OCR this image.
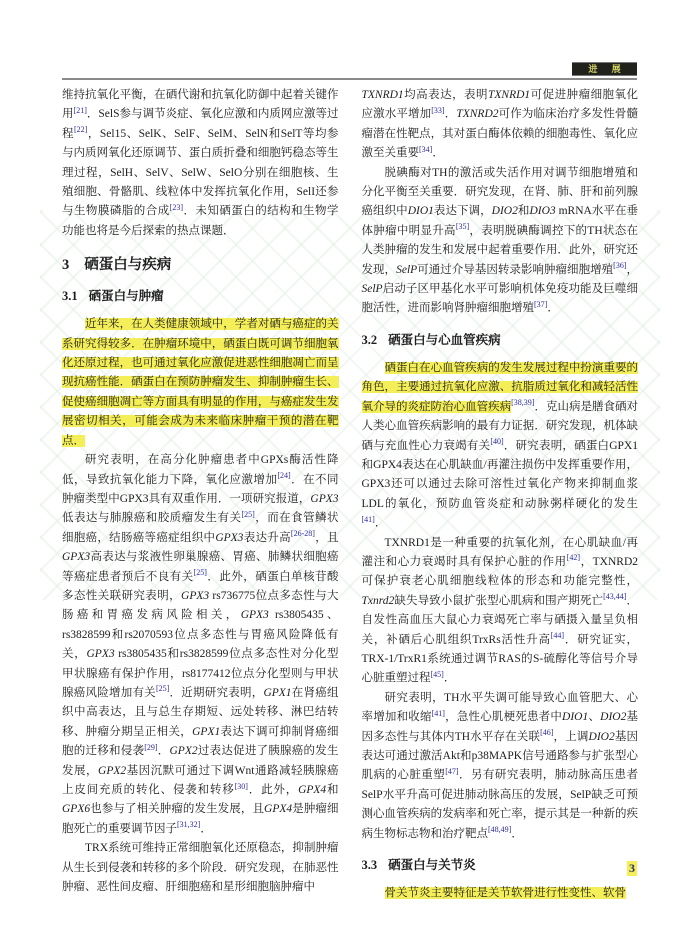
进 展

维持抗氧化平衡，在硒代谢和抗氧化防御中起着关键作用[21]．SelS参与调节炎症、氧化应激和内质网应激等过程[22]，Sel15、SelK、SelF、SelM、SelN和SelT等均参与内质网氧化还原调节、蛋白质折叠和细胞钙稳态等生理过程，SelH、SelV、SelW、SelO分别在细胞核、生殖细胞、骨骼肌、线粒体中发挥抗氧化作用，SelI还参与生物膜磷脂的合成[23]．未知硒蛋白的结构和生物学功能也将是今后探索的热点课题．

3 硒蛋白与疾病
3.1 硒蛋白与肿瘤

近年来，在人类健康领域中，学者对硒与癌症的关系研究得较多．在肿瘤环境中，硒蛋白既可调节细胞氧化还原过程，也可通过氧化应激促进恶性细胞凋亡而呈现抗癌性能．硒蛋白在预防肿瘤发生、抑制肿瘤生长、促使癌细胞凋亡等方面具有明显的作用，与癌症发生发展密切相关，可能会成为未来临床肿瘤干预的潜在靶点．

研究表明，在高分化肿瘤患者中GPXs酶活性降低，导致抗氧化能力下降，氧化应激增加[24]．在不同肿瘤类型中GPX3具有双重作用．一项研究报道，GPX3低表达与肺腺癌和胶质瘤发生有关[25]，而在食管鳞状细胞癌，结肠癌等癌症组织中GPX3表达升高[26-28]，且GPX3高表达与浆液性卵巢腺癌、胃癌、肺鳞状细胞癌等癌症患者预后不良有关[25]．此外，硒蛋白单核苷酸多态性关联研究表明，GPX3 rs736775位点多态性与大肠癌和胃癌发病风险相关，GPX3 rs3805435、rs3828599和rs2070593位点多态性与胃癌风险降低有关，GPX3 rs3805435和rs3828599位点多态性对分化型甲状腺癌有保护作用，rs8177412位点分化型则与甲状腺癌风险增加有关[25]．近期研究表明，GPX1在肾癌组织中高表达，且与总生存期短、远处转移、淋巴结转移、肿瘤分期呈正相关，GPX1表达下调可抑制肾癌细胞的迁移和侵袭[29]．GPX2过表达促进了胰腺癌的发生发展，GPX2基因沉默可通过下调Wnt通路减轻胰腺癌上皮间充质的转化、侵袭和转移[30]．此外，GPX4和GPX6也参与了相关肿瘤的发生发展，且GPX4是肿瘤细胞死亡的重要调节因子[31,32]．

TRX系统可维持正常细胞氧化还原稳态，抑制肿瘤从生长到侵袭和转移的多个阶段．研究发现，在肺恶性肿瘤、恶性间皮瘤、肝细胞癌和星形细胞脑肿瘤中

TXNRD1均高表达，表明TXNRD1可促进肿瘤细胞氧化应激水平增加[33]．TXNRD2可作为临床治疗多发性骨髓瘤潜在性靶点，其对蛋白酶体依赖的细胞毒性、氧化应激至关重要[34]．

脱碘酶对TH的激活或失活作用对调节细胞增殖和分化平衡至关重要．研究发现，在肾、肺、肝和前列腺癌组织中DIO1表达下调，DIO2和DIO3 mRNA水平在垂体肿瘤中明显升高[35]，表明脱碘酶调控下的TH状态在人类肿瘤的发生和发展中起着重要作用．此外，研究还发现，SelP可通过介导基因转录影响肿瘤细胞增殖[36]，SelP启动子区甲基化水平可影响机体免疫功能及巨噬细胞活性，进而影响肾肿瘤细胞增殖[37]．

3.2 硒蛋白与心血管疾病

硒蛋白在心血管疾病的发生发展过程中扮演重要的角色，主要通过抗氧化应激、抗脂质过氧化和减轻活性氧介导的炎症防治心血管疾病[38,39]．克山病是膳食硒对人类心血管疾病影响的最有力证据．研究发现，机体缺硒与充血性心力衰竭有关[40]．研究表明，硒蛋白GPX1和GPX4表达在心肌缺血/再灌注损伤中发挥重要作用，GPX3还可以通过去除可溶性过氧化产物来抑制血浆LDL的氧化，预防血管炎症和动脉粥样硬化的发生[41]．

TXNRD1是一种重要的抗氧化剂，在心肌缺血/再灌注和心力衰竭时具有保护心脏的作用[42]，TXNRD2可保护衰老心肌细胞线粒体的形态和功能完整性，Txnrd2缺失导致小鼠扩张型心肌病和围产期死亡[43,44]．自发性高血压大鼠心力衰竭死亡率与硒摄入量呈负相关，补硒后心肌组织TrxRs活性升高[44]．研究证实，TRX-1/TrxR1系统通过调节RAS的S-硫醇化等信号介导心脏重塑过程[45]．

研究表明，TH水平失调可能导致心血管肥大、心率增加和收缩[41]，急性心肌梗死患者中DIO1、DIO2基因多态性与其体内TH水平存在关联[46]，上调DIO2基因表达可通过激活Akt和p38MAPK信号通路参与扩张型心肌病的心脏重塑[47]．另有研究表明，肺动脉高压患者SelP水平升高可促进肺动脉高压的发展，SelP缺乏可预测心血管疾病的发病率和死亡率，提示其是一种新的疾病生物标志物和治疗靶点[48,49]．

3.3 硒蛋白与关节炎

骨关节炎主要特征是关节软骨进行性变性、软骨

3
